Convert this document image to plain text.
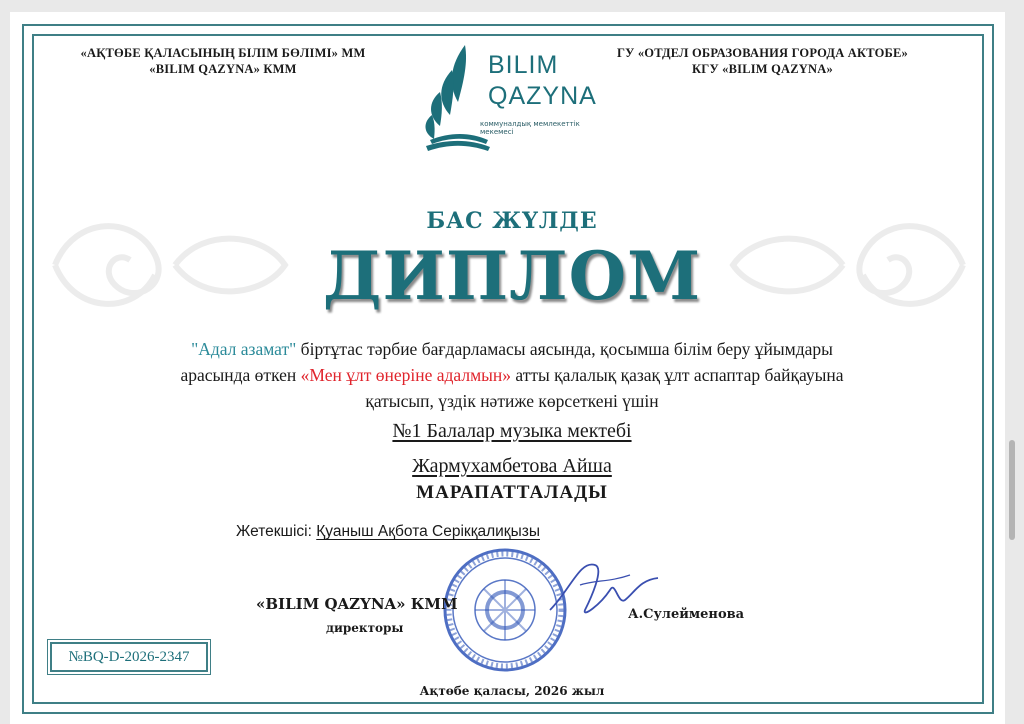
«АҚТӨБЕ ҚАЛАСЫНЫҢ БІЛІМ БӨЛІМІ» ММ
«BILIM QAZYNA» КММ
ГУ «ОТДЕЛ ОБРАЗОВАНИЯ ГОРОДА АКТОБЕ»
КГУ «BILIM QAZYNA»
BILIM
QAZYNA
коммуналдық мемлекеттік мекемесі
БАС ЖҮЛДЕ
ДИПЛОМ
"Адал азамат" біртұтас тәрбие бағдарламасы аясында, қосымша білім беру ұйымдары арасында өткен «Мен ұлт өнеріне адалмын» атты қалалық қазақ ұлт аспаптар байқауына қатысып, үздік нәтиже көрсеткені үшін
№1 Балалар музыка мектебі
Жармухамбетова Айша
МАРАПАТТАЛАДЫ
Жетекшісі: Қуаныш Ақбота Серікқалиқызы
«BILIM QAZYNA» КММ
директоры
А.Сулейменова
Ақтөбе қаласы, 2026 жыл
№BQ-D-2026-2347
